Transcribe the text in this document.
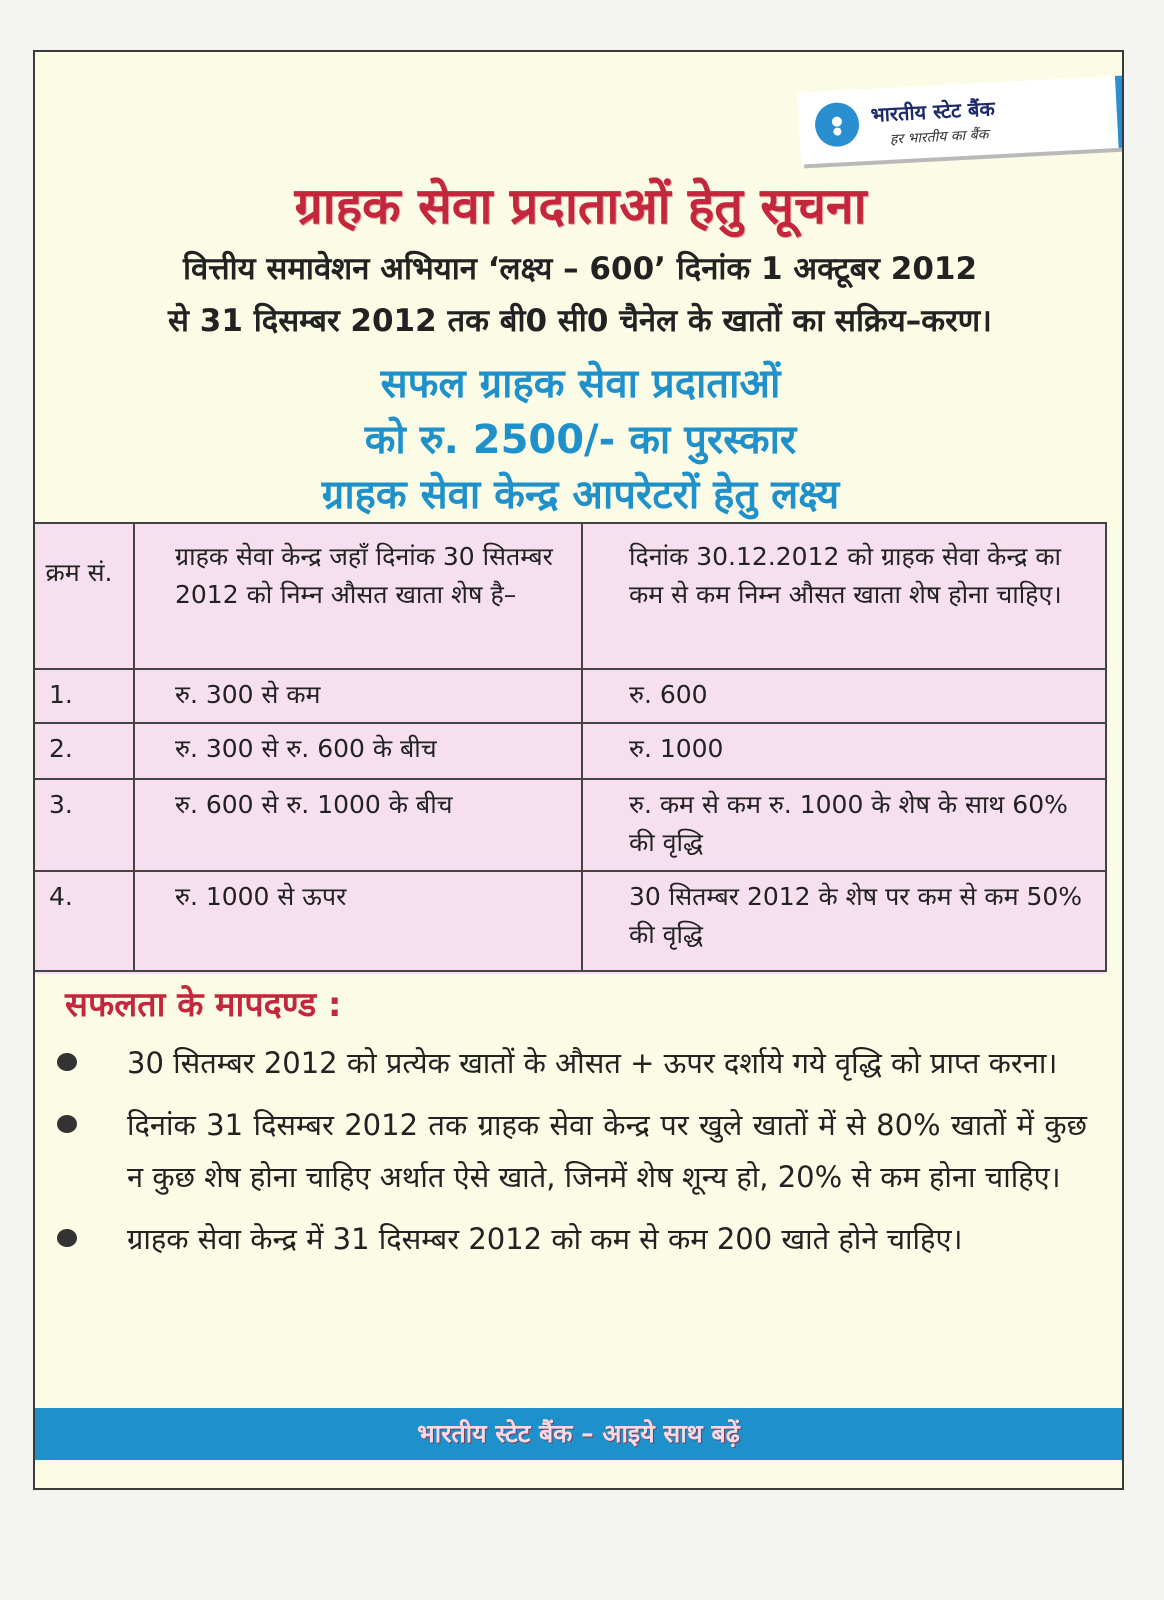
भारतीय स्टेट बैंक
हर भारतीय का बैंक
ग्राहक सेवा प्रदाताओं हेतु सूचना

वित्तीय समावेशन अभियान ‘लक्ष्य – 600’ दिनांक 1 अक्टूबर 2012

से 31 दिसम्बर 2012 तक बी0 सी0 चैनेल के खातों का सक्रिय–करण।

सफल ग्राहक सेवा प्रदाताओं

को रु. 2500/- का पुरस्कार

ग्राहक सेवा केन्द्र आपरेटरों हेतु लक्ष्य

क्रम सं.	ग्राहक सेवा केन्द्र जहाँ दिनांक 30 सितम्बर 2012 को निम्न औसत खाता शेष है–	दिनांक 30.12.2012 को ग्राहक सेवा केन्द्र का कम से कम निम्न औसत खाता शेष होना चाहिए।
1.	रु. 300 से कम	रु. 600
2.	रु. 300 से रु. 600 के बीच	रु. 1000
3.	रु. 600 से रु. 1000 के बीच	रु. कम से कम रु. 1000 के शेष के साथ 60% की वृद्धि
4.	रु. 1000 से ऊपर	30 सितम्बर 2012 के शेष पर कम से कम 50% की वृद्धि
सफलता के मापदण्ड :
30 सितम्बर 2012 को प्रत्येक खातों के औसत + ऊपर दर्शाये गये वृद्धि को प्राप्त करना।
दिनांक 31 दिसम्बर 2012 तक ग्राहक सेवा केन्द्र पर खुले खातों में से 80% खातों में कुछ न कुछ शेष होना चाहिए अर्थात ऐसे खाते, जिनमें शेष शून्य हो, 20% से कम होना चाहिए।
ग्राहक सेवा केन्द्र में 31 दिसम्बर 2012 को कम से कम 200 खाते होने चाहिए।
भारतीय स्टेट बैंक – आइये साथ बढ़ें
